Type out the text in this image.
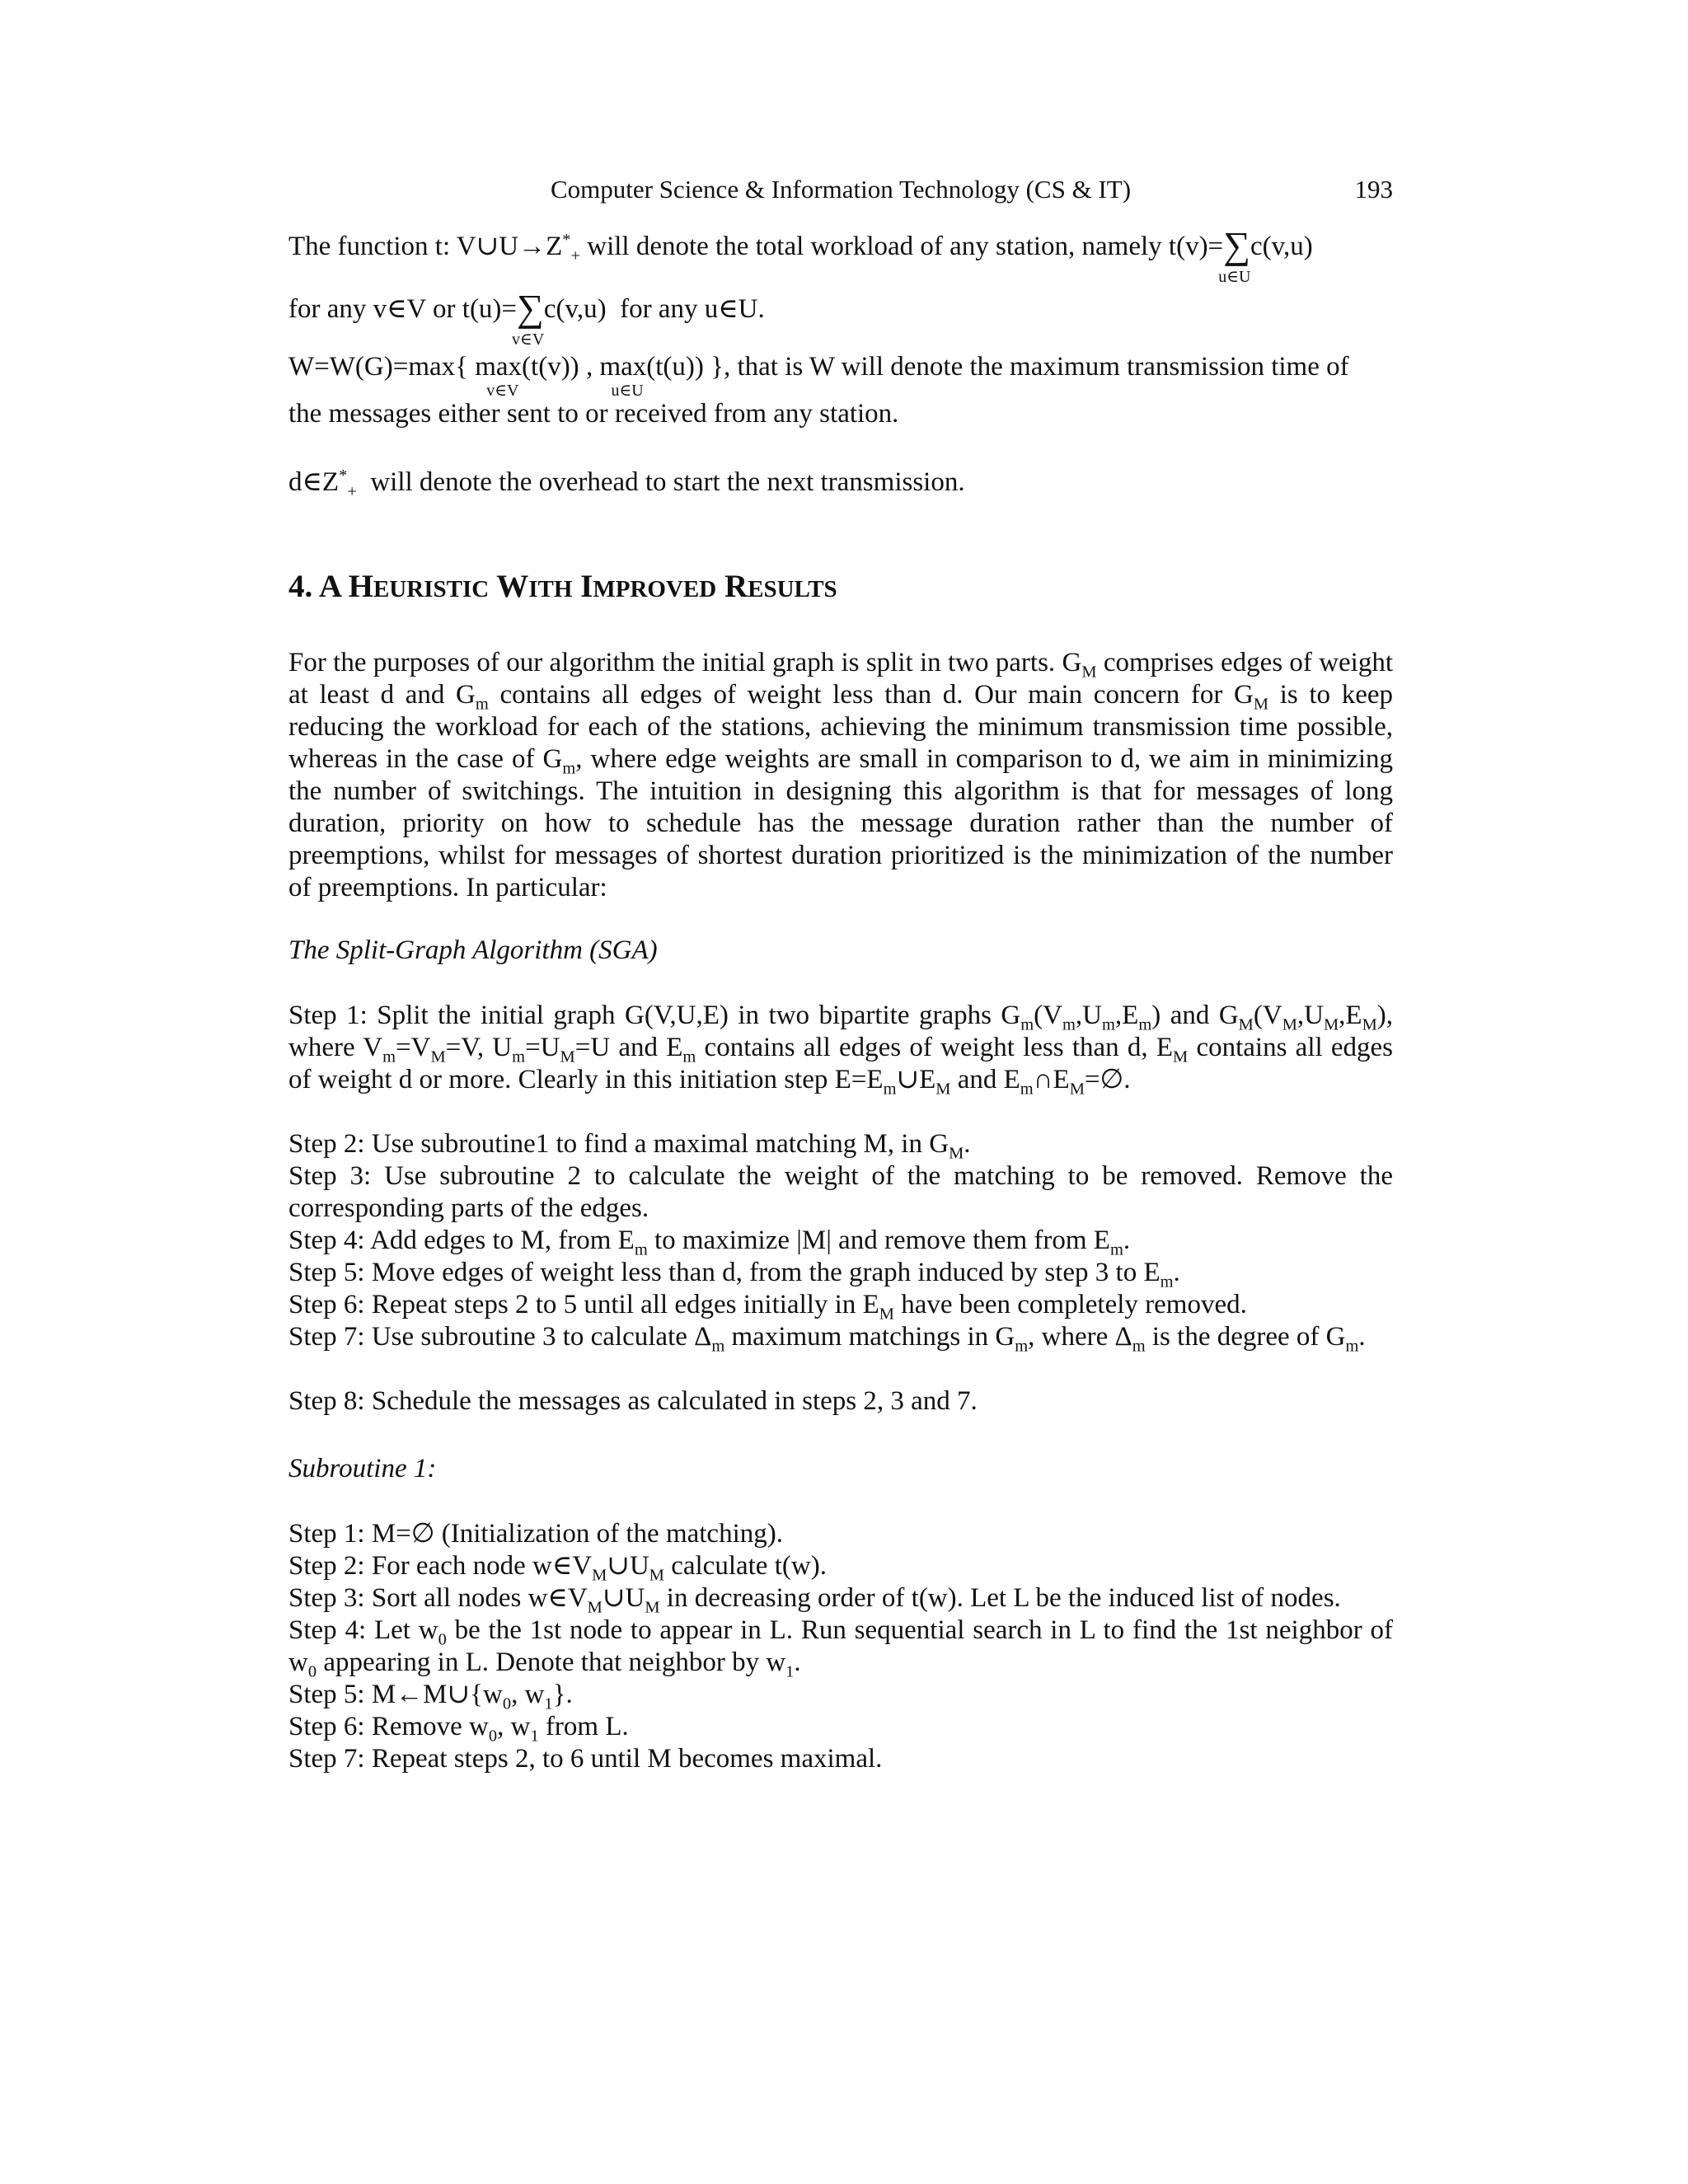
Computer Science & Information Technology (CS & IT)	193
The function t: $V\cup U\to Z^*_+$ will denote the total workload of any station, namely t(v)=∑
u∈U
c(v,u)
for any v∈V or t(u)=∑
v∈V
c(v,u) for any u∈U.
W=W(G)=max{ max(t(v))
v∈V
, max(t(u))
u∈U
}, that is W will denote the maximum transmission time of
the messages either sent to or received from any station.
$d\in Z^*_+$  will denote the overhead to start the next transmission.
4. A HEURISTIC WITH IMPROVED RESULTS
For the purposes of our algorithm the initial graph is split in two parts. $G_M$ comprises edges of weight at least d and $G_m$ contains all edges of weight less than d. Our main concern for $G_M$ is to keep reducing the workload for each of the stations, achieving the minimum transmission time possible, whereas in the case of $G_m$, where edge weights are small in comparison to d, we aim in minimizing the number of switchings. The intuition in designing this algorithm is that for messages of long duration, priority on how to schedule has the message duration rather than the number of preemptions, whilst for messages of shortest duration prioritized is the minimization of the number of preemptions. In particular:
The Split-Graph Algorithm (SGA)
Step 1: Split the initial graph G(V,U,E) in two bipartite graphs $G_m(V_m,U_m,E_m)$ and $G_M(V_M,U_M,E_M)$, where $V_m=V_M=V$, $U_m=U_M=U$ and $E_m$ contains all edges of weight less than d, $E_M$ contains all edges of weight d or more. Clearly in this initiation step $E=E_m\cup E_M$ and $E_m\cap E_M=\emptyset$.
Step 2: Use subroutine1 to find a maximal matching M, in $G_M$.
Step 3: Use subroutine 2 to calculate the weight of the matching to be removed. Remove the corresponding parts of the edges.
Step 4: Add edges to M, from $E_m$ to maximize |M| and remove them from $E_m$.
Step 5: Move edges of weight less than d, from the graph induced by step 3 to $E_m$.
Step 6: Repeat steps 2 to 5 until all edges initially in $E_M$ have been completely removed.
Step 7: Use subroutine 3 to calculate $\Delta_m$ maximum matchings in $G_m$, where $\Delta_m$ is the degree of $G_m$.
Step 8: Schedule the messages as calculated in steps 2, 3 and 7.
Subroutine 1:
Step 1: M=∅ (Initialization of the matching).
Step 2: For each node $w\in V_M\cup U_M$ calculate t(w).
Step 3: Sort all nodes $w\in V_M\cup U_M$ in decreasing order of t(w). Let L be the induced list of nodes.
Step 4: Let $w_0$ be the 1st node to appear in L. Run sequential search in L to find the 1st neighbor of $w_0$ appearing in L. Denote that neighbor by $w_1$.
Step 5: $M\leftarrow M\cup\{w_0$, $w_1$}.
Step 6: Remove $w_0$, $w_1$ from L.
Step 7: Repeat steps 2, to 6 until M becomes maximal.
